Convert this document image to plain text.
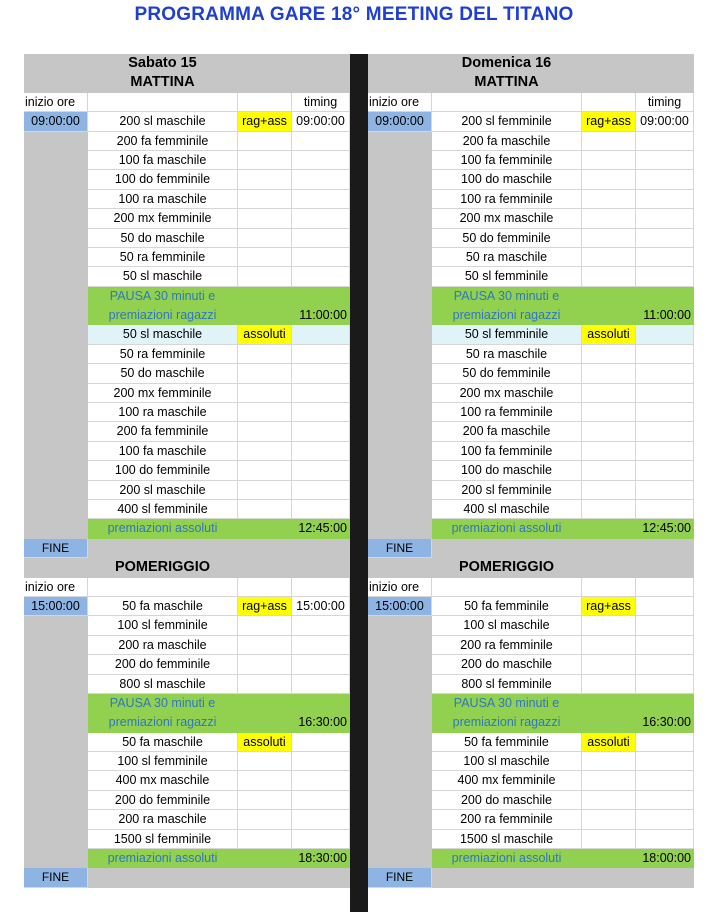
PROGRAMMA GARE 18° MEETING DEL TITANO
Sabato 15
MATTINA
inizio ore	timing
09:00:00	200 sl maschile	rag+ass 09:00:00
200 fa femminile
100 fa maschile
100 do femminile
100 ra maschile
200 mx femminile
50 do maschile
50 ra femminile
50 sl maschile
PAUSA 30 minuti e
premiazioni ragazzi	11:00:00
50 sl maschile	assoluti
50 ra femminile
50 do maschile
200 mx femminile
100 ra maschile
200 fa femminile
100 fa maschile
100 do femminile
200 sl maschile
400 sl femminile
premiazioni assoluti	12:45:00
FINE
POMERIGGIO
inizio ore
15:00:00	50 fa maschile	rag+ass 15:00:00
100 sl femminile
200 ra maschile
200 do femminile
800 sl maschile
PAUSA 30 minuti e
premiazioni ragazzi	16:30:00
50 fa maschile	assoluti
100 sl femminile
400 mx maschile
200 do femminile
200 ra maschile
1500 sl femminile
premiazioni assoluti	18:30:00
FINE
Domenica 16
MATTINA
inizio ore	timing
09:00:00	200 sl femminile	rag+ass 09:00:00
200 fa maschile
100 fa femminile
100 do maschile
100 ra femminile
200 mx maschile
50 do femminile
50 ra maschile
50 sl femminile
PAUSA 30 minuti e
premiazioni ragazzi	11:00:00
50 sl femminile	assoluti
50 ra maschile
50 do femminile
200 mx maschile
100 ra femminile
200 fa maschile
100 fa femminile
100 do maschile
200 sl femminile
400 sl maschile
premiazioni assoluti	12:45:00
FINE
POMERIGGIO
inizio ore
15:00:00	50 fa femminile	rag+ass
100 sl maschile
200 ra femminile
200 do maschile
800 sl femminile
PAUSA 30 minuti e
premiazioni ragazzi	16:30:00
50 fa femminile	assoluti
100 sl maschile
400 mx femminile
200 do maschile
200 ra femminile
1500 sl maschile
premiazioni assoluti	18:00:00
FINE
